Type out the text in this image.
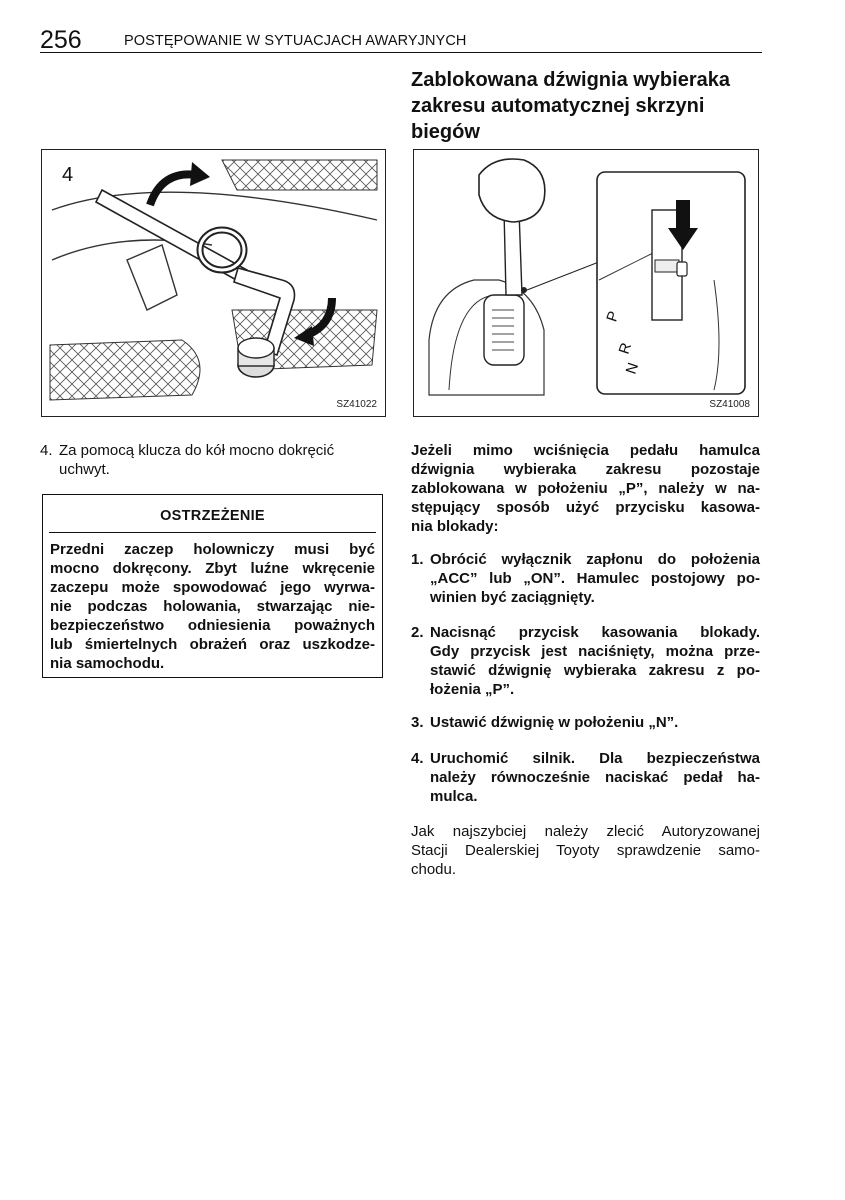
256	POSTĘPOWANIE W SYTUACJACH AWARYJNYCH
Zablokowana dźwignia wybieraka
zakresu automatycznej skrzyni
biegów
4
SZ41022
P
R
N
SZ41008
4. Za pomocą klucza do kół mocno dokręcić
uchwyt.
OSTRZEŻENIE
Przedni zaczep holowniczy musi być
mocno dokręcony. Zbyt luźne wkręcenie
zaczepu może spowodować jego wyrwa-
nie podczas holowania, stwarzając nie-
bezpieczeństwo odniesienia poważnych
lub śmiertelnych obrażeń oraz uszkodze-
nia samochodu.
Jeżeli mimo wciśnięcia pedału hamulca
dźwignia wybieraka zakresu pozostaje
zablokowana w położeniu „P”, należy w na-
stępujący sposób użyć przycisku kasowa-
nia blokady:
1. Obrócić wyłącznik zapłonu do położenia
„ACC” lub „ON”. Hamulec postojowy po-
winien być zaciągnięty.
2. Nacisnąć przycisk kasowania blokady.
Gdy przycisk jest naciśnięty, można prze-
stawić dźwignię wybieraka zakresu z po-
łożenia „P”.
3. Ustawić dźwignię w położeniu „N”.
4. Uruchomić silnik. Dla bezpieczeństwa
należy równocześnie naciskać pedał ha-
mulca.
Jak najszybciej należy zlecić Autoryzowanej
Stacji Dealerskiej Toyoty sprawdzenie samo-
chodu.
